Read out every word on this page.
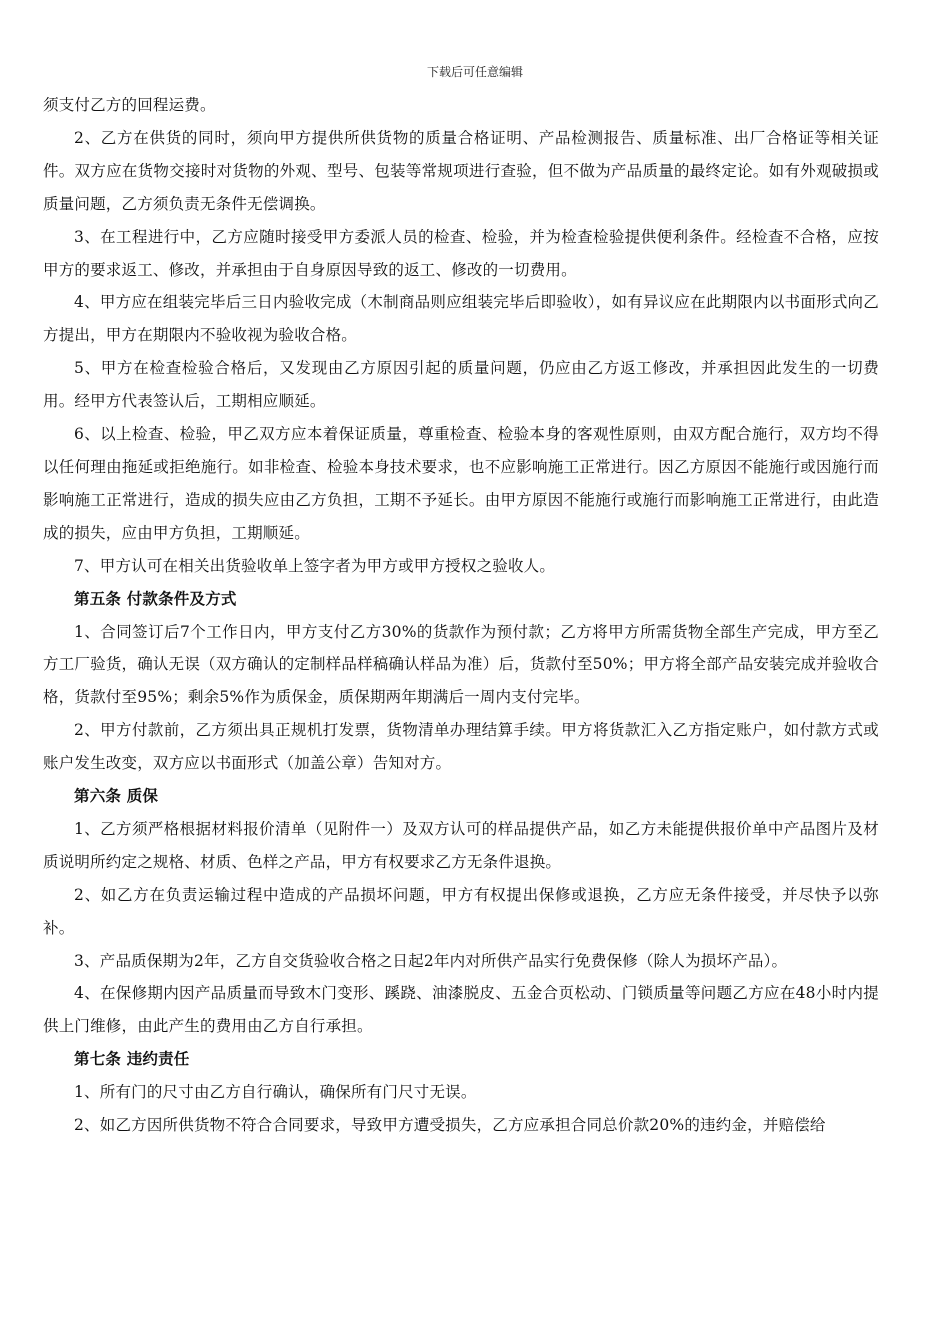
下载后可任意编辑

须支付乙方的回程运费。

2、乙方在供货的同时，须向甲方提供所供货物的质量合格证明、产品检测报告、质量标准、出厂合格证等相关证件。双方应在货物交接时对货物的外观、型号、包装等常规项进行查验，但不做为产品质量的最终定论。如有外观破损或质量问题，乙方须负责无条件无偿调换。

3、在工程进行中，乙方应随时接受甲方委派人员的检查、检验，并为检查检验提供便利条件。经检查不合格，应按甲方的要求返工、修改，并承担由于自身原因导致的返工、修改的一切费用。

4、甲方应在组装完毕后三日内验收完成（木制商品则应组装完毕后即验收），如有异议应在此期限内以书面形式向乙方提出，甲方在期限内不验收视为验收合格。

5、甲方在检查检验合格后，又发现由乙方原因引起的质量问题，仍应由乙方返工修改，并承担因此发生的一切费用。经甲方代表签认后，工期相应顺延。

6、以上检查、检验，甲乙双方应本着保证质量，尊重检查、检验本身的客观性原则，由双方配合施行，双方均不得以任何理由拖延或拒绝施行。如非检查、检验本身技术要求，也不应影响施工正常进行。因乙方原因不能施行或因施行而影响施工正常进行，造成的损失应由乙方负担，工期不予延长。由甲方原因不能施行或施行而影响施工正常进行，由此造成的损失，应由甲方负担，工期顺延。

7、甲方认可在相关出货验收单上签字者为甲方或甲方授权之验收人。

第五条 付款条件及方式

1、合同签订后7个工作日内，甲方支付乙方30%的货款作为预付款；乙方将甲方所需货物全部生产完成，甲方至乙方工厂验货，确认无误（双方确认的定制样品样稿确认样品为准）后，货款付至50%；甲方将全部产品安装完成并验收合格，货款付至95%；剩余5%作为质保金，质保期两年期满后一周内支付完毕。

2、甲方付款前，乙方须出具正规机打发票，货物清单办理结算手续。甲方将货款汇入乙方指定账户，如付款方式或账户发生改变，双方应以书面形式（加盖公章）告知对方。

第六条 质保

1、乙方须严格根据材料报价清单（见附件一）及双方认可的样品提供产品，如乙方未能提供报价单中产品图片及材质说明所约定之规格、材质、色样之产品，甲方有权要求乙方无条件退换。

2、如乙方在负责运输过程中造成的产品损坏问题，甲方有权提出保修或退换，乙方应无条件接受，并尽快予以弥补。

3、产品质保期为2年，乙方自交货验收合格之日起2年内对所供产品实行免费保修（除人为损坏产品）。

4、在保修期内因产品质量而导致木门变形、蹊跷、油漆脱皮、五金合页松动、门锁质量等问题乙方应在48小时内提供上门维修，由此产生的费用由乙方自行承担。

第七条 违约责任

1、所有门的尺寸由乙方自行确认，确保所有门尺寸无误。

2、如乙方因所供货物不符合合同要求，导致甲方遭受损失，乙方应承担合同总价款20%的违约金，并赔偿给
